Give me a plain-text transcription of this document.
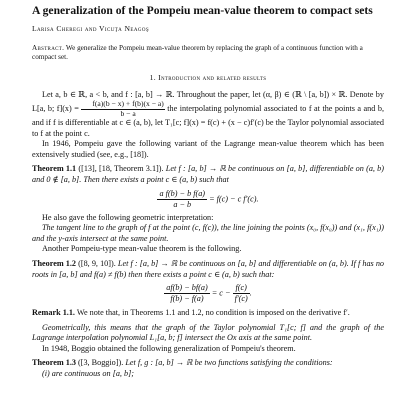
A generalization of the Pompeiu mean-value theorem to compact sets
Larisa Cheregi and Vicuţa Neagoş
Abstract. We generalize the Pompeiu mean-value theorem by replacing the graph of a continuous function with a compact set.
1. Introduction and related results

Let a, b ∈ ℝ, a < b, and f : [a, b] → ℝ. Throughout the paper, let (α, β) ∈ (ℝ \ [a, b]) × ℝ. Denote by L[a, b; $f](x) = \frac{f(a)(b - x) + f(b)(x - a)}{b - a}$ the interpolating polynomial associated to f at the points a and b, and if f is differentiable at c ∈ (a, b), let T₁[c; f](x) = f(c) + (x − c)f′(c) be the Taylor polynomial associated to f at the point c.

In 1946, Pompeiu gave the following variant of the Lagrange mean-value theorem which has been extensively studied (see, e.g., [18]).

Theorem 1.1 ([13], [18, Theorem 3.1]). Let f : [a, b] → ℝ be continuous on [a, b], differentiable on (a, b) and 0 ∉ [a, b]. Then there exists a point c ∈ (a, b) such that

$\frac{\text{a f(b) − b f(a)}}{a - b} = f(c) - c$ f′(c).

He also gave the following geometric interpretation:

The tangent line to the graph of f at the point (c, f(c)), the line joining the points (x₀, f(x₀)) and (x₁, f(x₁)) and the y-axis intersect at the same point.

Another Pompeiu-type mean-value theorem is the following.

Theorem 1.2 ([8, 9, 10]). Let f : [a, b] → ℝ be continuous on [a, b] and differentiable on (a, b). If f has no roots in [a, b] and f(a) ≠ f(b) then there exists a point c ∈ (a, b) such that:

$\frac{af(b) - bf(a)}{f(b) - f(a)} = c - \frac{f(c)}{f'(c)}$ .

Remark 1.1. We note that, in Theorems 1.1 and 1.2, no condition is imposed on the derivative f′.

Geometrically, this means that the graph of the Taylor polynomial T₁[c; f] and the graph of the Lagrange interpolation polynomial L₁[a, b; f] intersect the Ox axis at the same point.

In 1948, Boggio obtained the following generalization of Pompeiu's theorem.

Theorem 1.3 ([3, Boggio]). Let f, g : [a, b] → ℝ be two functions satisfying the conditions:

(i) are continuous on [a, b];
